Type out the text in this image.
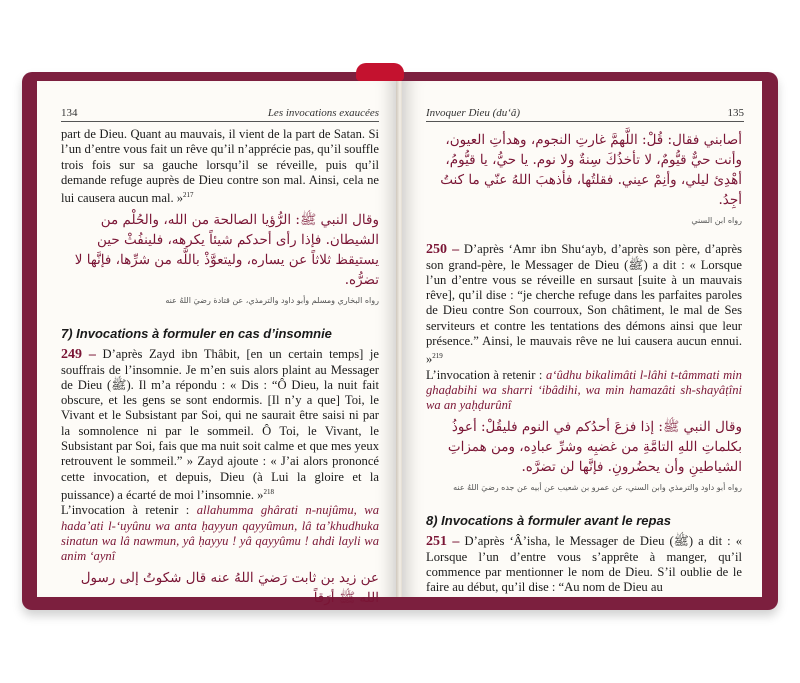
134	Les invocations exaucées

part de Dieu. Quant au mauvais, il vient de la part de Satan. Si l’un d’entre vous fait un rêve qu’il n’apprécie pas, qu’il souffle trois fois sur sa gauche lorsqu’il se réveille, puis qu’il demande refuge auprès de Dieu contre son mal. Ainsi, cela ne lui causera aucun mal. »$^{217}$

وقال النبي ﷺ: الرُّؤيا الصالحة من الله، والحُلْم من الشيطان. فإذا رأى أحدكم شيئاً يكرهه، فلينفُثْ حين يستيقظ ثلاثاً عن يساره، وليتعوَّذْ باللَّه من شرِّها، فإنَّها لا تضرُّه.
رواه البخاري ومسلم وأبو داود والترمذي، عن قتادة رضيَ اللهُ عنه
7) Invocations à formuler en cas d’insomnie

249 – D’après Zayd ibn Thâbit, [en un certain temps] je souffrais de l’insomnie. Je m’en suis alors plaint au Messager de Dieu (ﷺ). Il m’a répondu : « Dis : “Ô Dieu, la nuit fait obscure, et les gens se sont endormis. [Il n’y a que] Toi, le Vivant et le Subsistant par Soi, qui ne saurait être saisi ni par la somnolence ni par le sommeil. Ô Toi, le Vivant, le Subsistant par Soi, fais que ma nuit soit calme et que mes yeux retrouvent le sommeil.” » Zayd ajoute : « J’ai alors prononcé cette invocation, et depuis, Dieu (à Lui la gloire et la puissance) a écarté de moi l’insomnie. »$^{218}$

L’invocation à retenir : allahumma ghârati n-nujûmu, wa hada’ati l-‘uyûnu wa anta ḥayyun qayyûmun, lâ ta’khudhuka sinatun wa lâ nawmun, yâ ḥayyu ! yâ qayyûmu ! ahdi layli wa anim ‘aynî

عن زيد بن ثابت رَضيَ اللهُ عنه قال شكوتُ إلى رسول الله ﷺ أرَقاً
Invoquer Dieu (du‘â)	135
أصابني فقال: قُلْ: اللَّهمَّ غارتِ النجوم، وهدأتِ العيون، وأنت حيٌّ قيُّومٌ، لا تأخذُكَ سِنةٌ ولا نوم. يا حيُّ، يا قيُّومُ، أهْدِئ ليلي، وأنِمْ عيني. فقلتُها، فأذهبَ اللهُ عنّي ما كنتُ أجِدُ.
رواه ابن السني

250 – D’après ‘Amr ibn Shu‘ayb, d’après son père, d’après son grand-père, le Messager de Dieu (ﷺ) a dit : « Lorsque l’un d’entre vous se réveille en sursaut [suite à un mauvais rêve], qu’il dise : “je cherche refuge dans les parfaites paroles de Dieu contre Son courroux, Son châtiment, le mal de Ses serviteurs et contre les tentations des démons ainsi que leur présence.” Ainsi, le mauvais rêve ne lui causera aucun ennui. »$^{219}$

L’invocation à retenir : a‘ûdhu bikalimâti l-lâhi t-tâmmati min ghaḍabihi wa sharri ‘ibâdihi, wa min hamazâti sh-shayâṭîni wa an yaḥḍurûnî

وقال النبي ﷺ: إذا فزعَ أحدُكم في النوم فليقُلْ: أعوذُ بكلماتِ اللهِ التامَّةِ من غضبِه وشرِّ عبادِه، ومن همزاتِ الشياطينِ وأن يحضُرونِ. فإنَّها لن تضرَّه.
رواه أبو داود والترمذي وابن السني، عن عمرو بن شعيب عن أبيه عن جده رضيَ اللهُ عنه
8) Invocations à formuler avant le repas

251 – D’après ‘Â’isha, le Messager de Dieu (ﷺ) a dit : « Lorsque l’un d’entre vous s’apprête à manger, qu’il commence par mentionner le nom de Dieu. S’il oublie de le faire au début, qu’il dise : “Au nom de Dieu au
